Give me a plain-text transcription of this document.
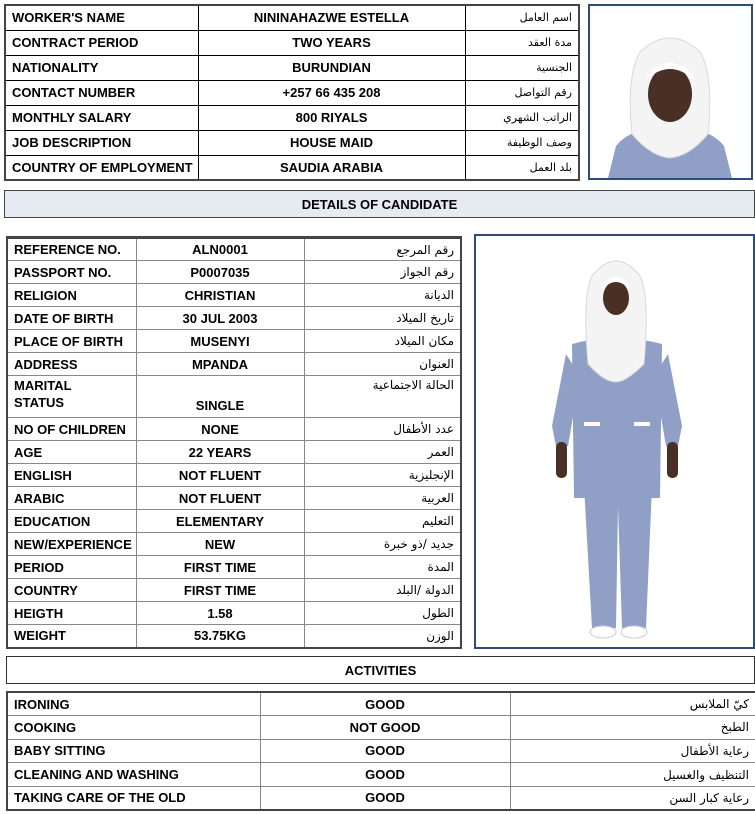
WORKER'S NAME	NININAHAZWE ESTELLA	اسم العامل
CONTRACT PERIOD	TWO YEARS	مدة العقد
NATIONALITY	BURUNDIAN	الجنسية
CONTACT NUMBER	+257 66 435 208	رقم التواصل
MONTHLY SALARY	800 RIYALS	الراتب الشهري
JOB DESCRIPTION	HOUSE MAID	وصف الوظيفة
COUNTRY OF EMPLOYMENT	SAUDIA ARABIA	بلد العمل
DETAILS OF CANDIDATE
REFERENCE NO.	ALN0001	رقم المرجع
PASSPORT NO.	P0007035	رقم الجواز
RELIGION	CHRISTIAN	الديانة
DATE OF BIRTH	30 JUL 2003	تاريخ الميلاد
PLACE OF BIRTH	MUSENYI	مكان الميلاد
ADDRESS	MPANDA	العنوان

MARITAL
STATUS	SINGLE	الحالة الاجتماعية
NO OF CHILDREN	NONE	عدد الأطفال
AGE	22 YEARS	العمر
ENGLISH	NOT FLUENT	الإنجليزية
ARABIC	NOT FLUENT	العربية
EDUCATION	ELEMENTARY	التعليم
NEW/EXPERIENCE	NEW	جديد /ذو خبرة
PERIOD	FIRST TIME	المدة
COUNTRY	FIRST TIME	الدولة /البلد
HEIGTH	1.58	الطول
WEIGHT	53.75KG	الوزن
ACTIVITIES
IRONING	GOOD	كيّ الملابس
COOKING	NOT GOOD	الطبخ
BABY SITTING	GOOD	رعاية الأطفال
CLEANING AND WASHING	GOOD	التنظيف والغسيل
TAKING CARE OF THE OLD	GOOD	رعاية كبار السن
